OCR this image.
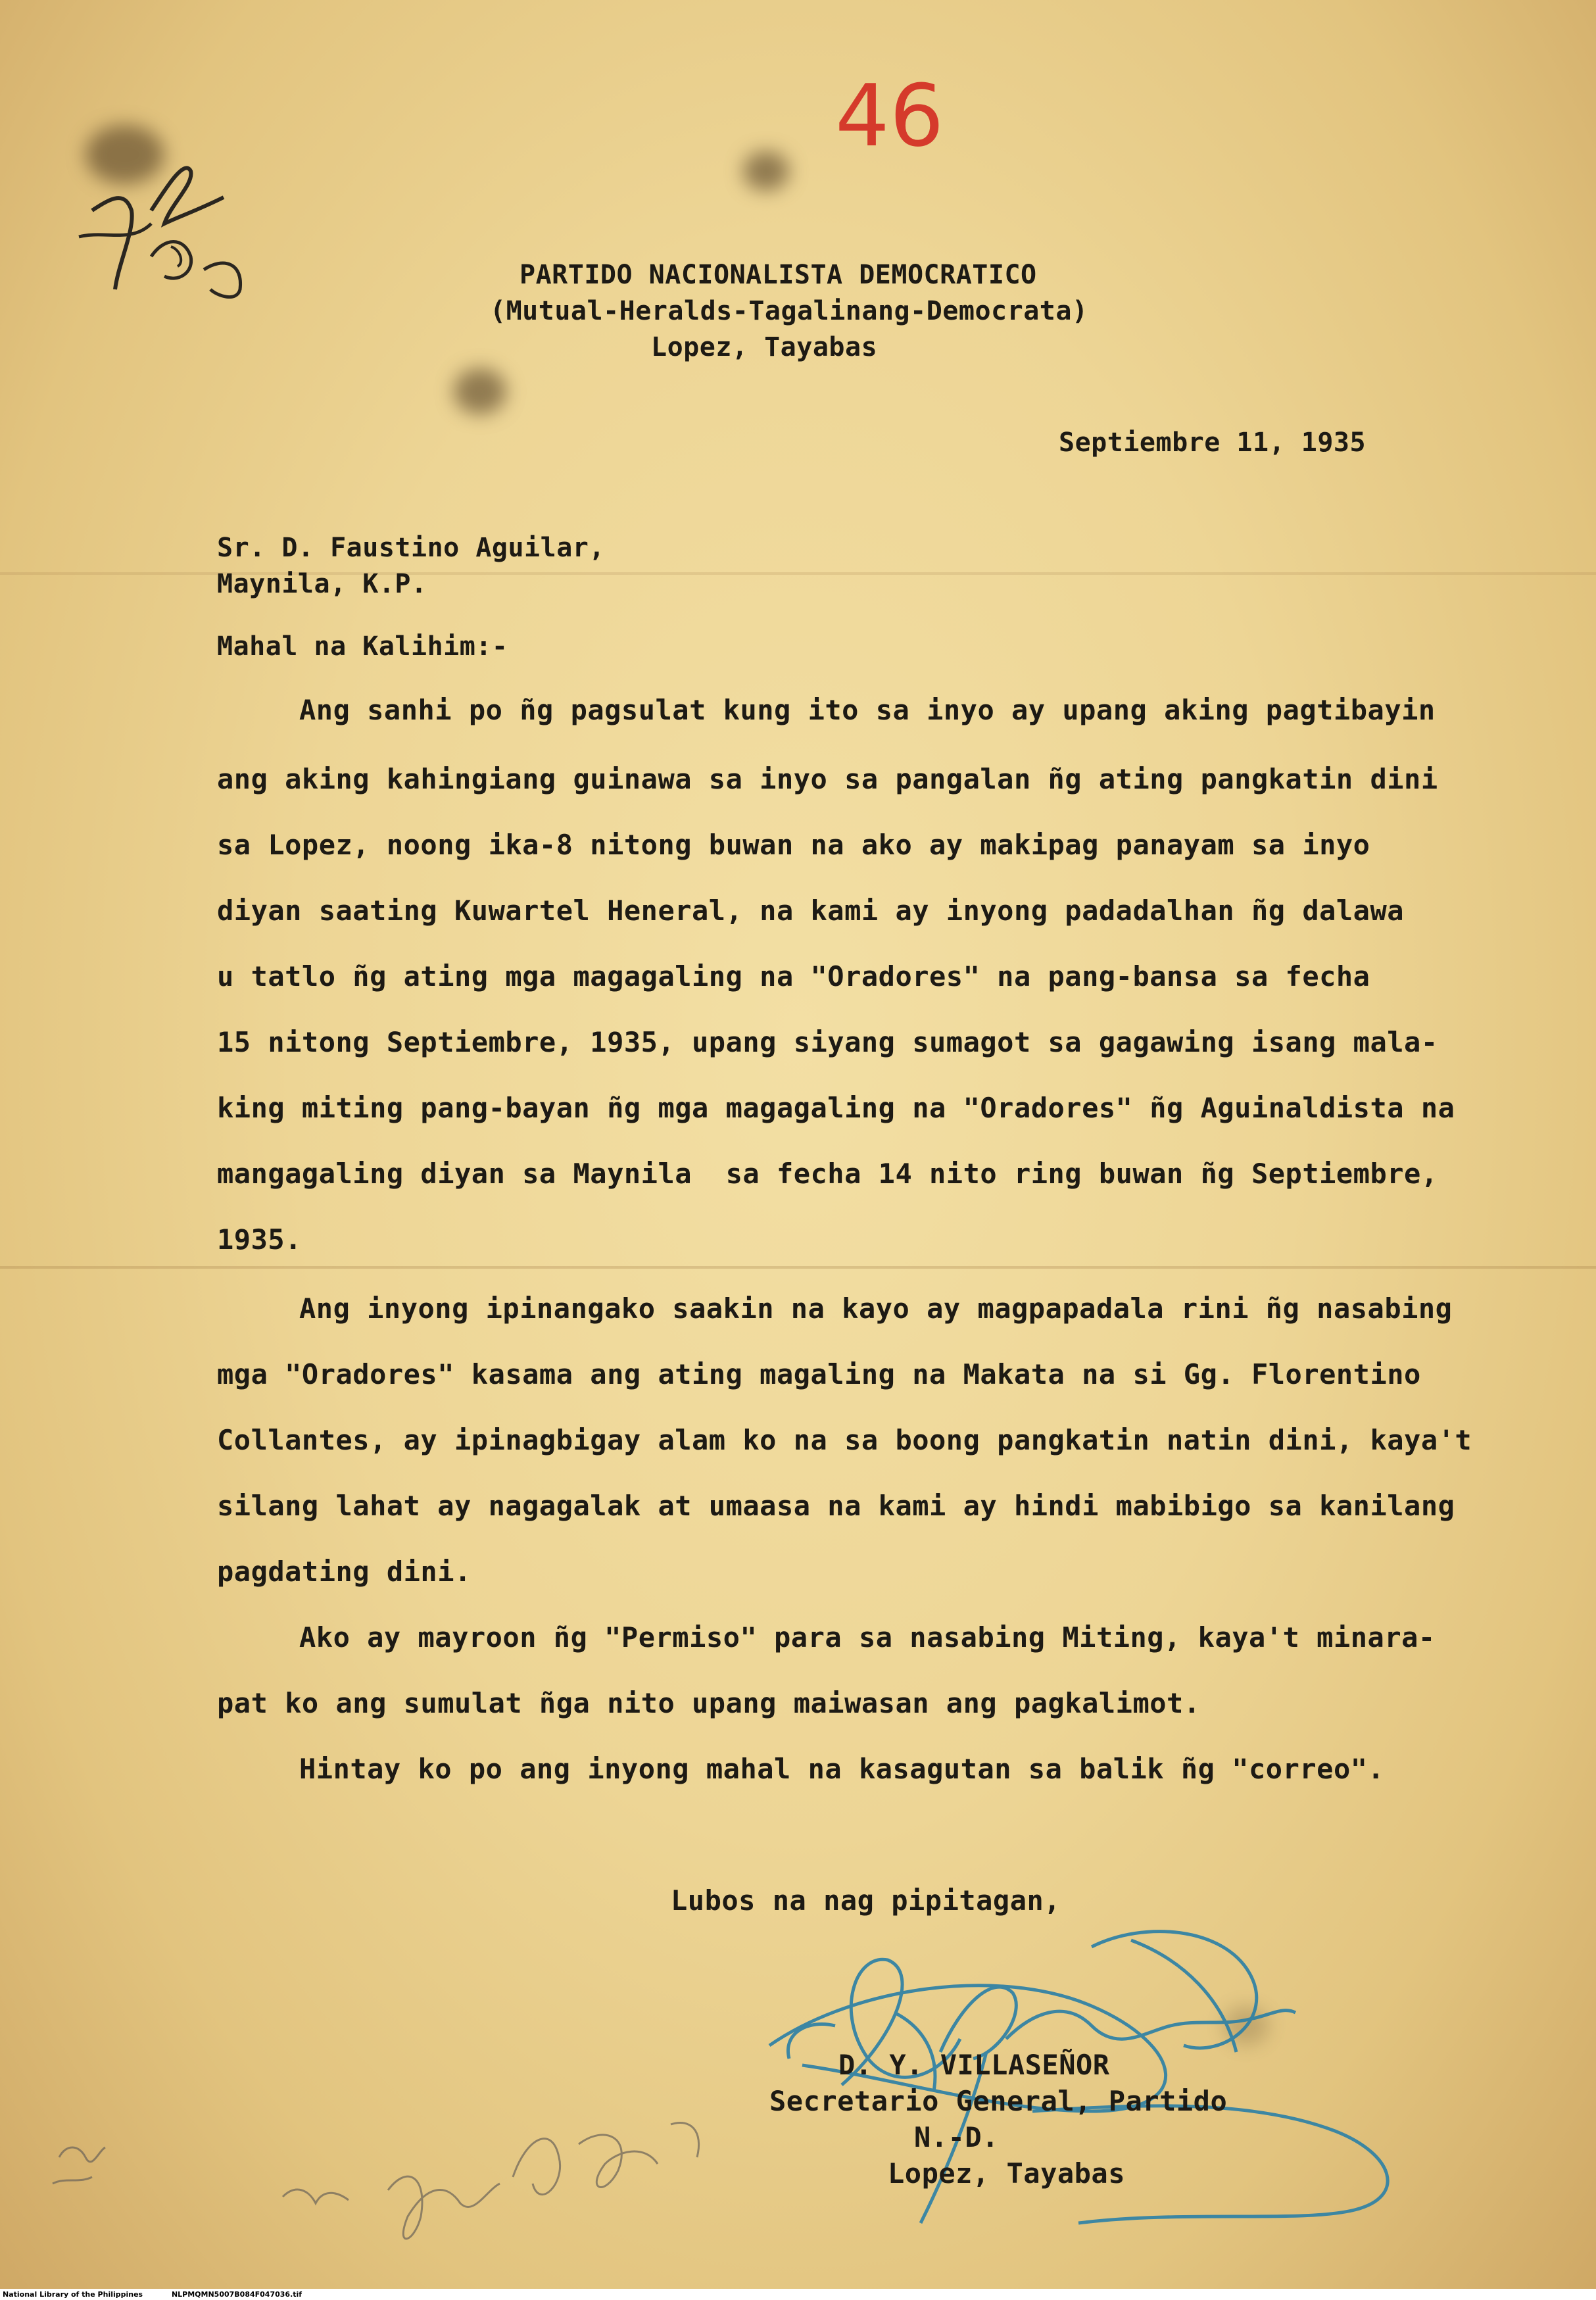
46
PARTIDO NACIONALISTA DEMOCRATICO
(Mutual-Heralds-Tagalinang-Democrata)
Lopez, Tayabas
Septiembre 11, 1935
Sr. D. Faustino Aguilar,
Maynila, K.P.
Mahal na Kalihim:-
Ang sanhi po ñg pagsulat kung ito sa inyo ay upang aking pagtibayin
ang aking kahingiang guinawa sa inyo sa pangalan ñg ating pangkatin dini
sa Lopez, noong ika-8 nitong buwan na ako ay makipag panayam sa inyo
diyan saating Kuwartel Heneral, na kami ay inyong padadalhan ñg dalawa
u tatlo ñg ating mga magagaling na "Oradores" na pang-bansa sa fecha
15 nitong Septiembre, 1935, upang siyang sumagot sa gagawing isang mala-
king miting pang-bayan ñg mga magagaling na "Oradores" ñg Aguinaldista na
mangagaling diyan sa Maynila  sa fecha 14 nito ring buwan ñg Septiembre,
1935.
Ang inyong ipinangako saakin na kayo ay magpapadala rini ñg nasabing
mga "Oradores" kasama ang ating magaling na Makata na si Gg. Florentino
Collantes, ay ipinagbigay alam ko na sa boong pangkatin natin dini, kaya't
silang lahat ay nagagalak at umaasa na kami ay hindi mabibigo sa kanilang
pagdating dini.
Ako ay mayroon ñg "Permiso" para sa nasabing Miting, kaya't minara-
pat ko ang sumulat ñga nito upang maiwasan ang pagkalimot.
Hintay ko po ang inyong mahal na kasagutan sa balik ñg "correo".
Lubos na nag pipitagan,
D. Y. VILLASEÑOR
Secretario General, Partido
N.-D.
Lopez, Tayabas
National Library of the Philippines	NLPMQMN5007B084F047036.tif
